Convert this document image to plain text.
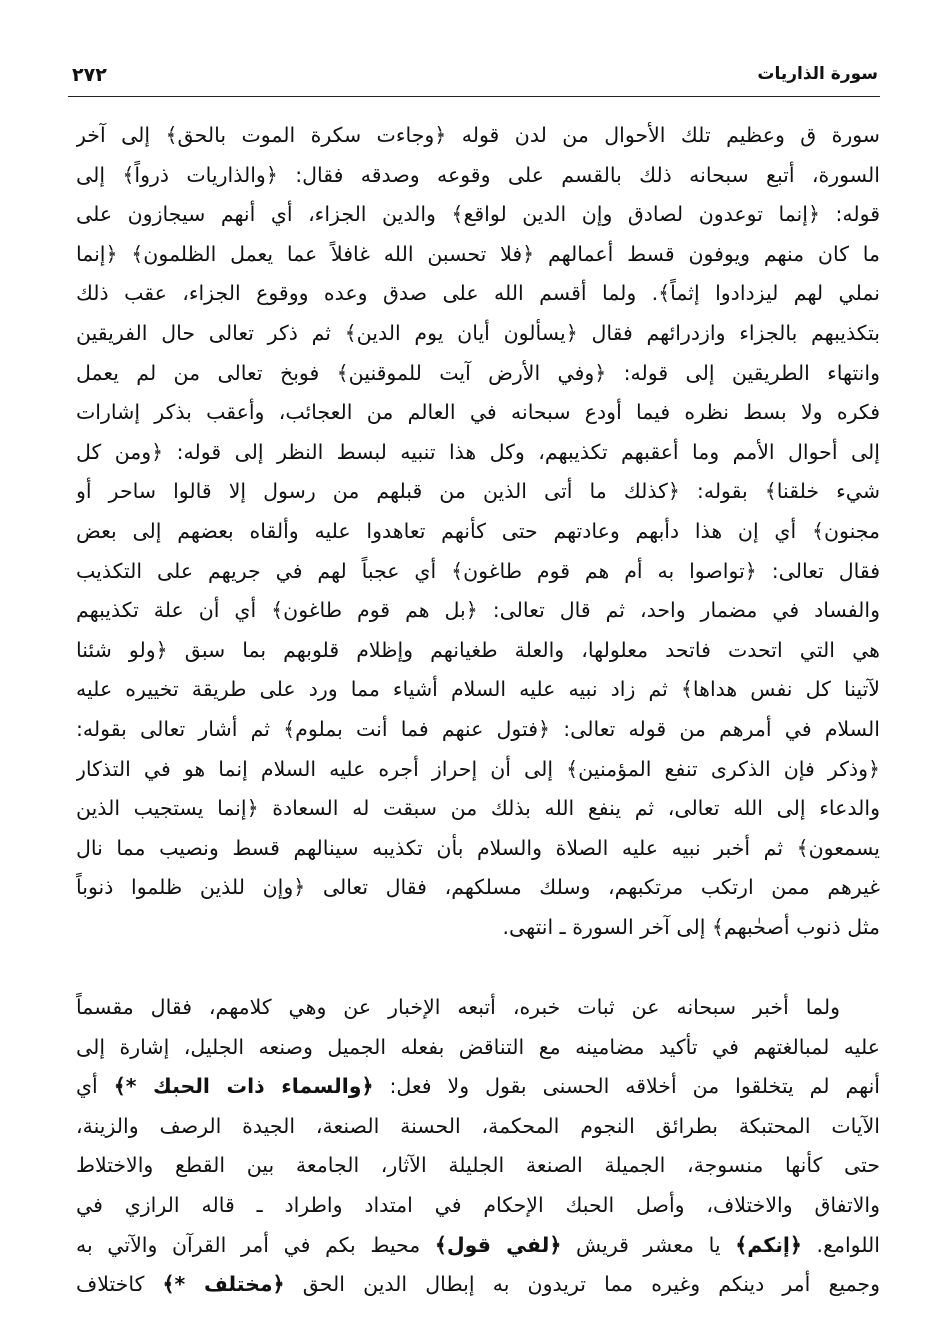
٢٧٢	سورة الذاريات
سورة ق وعظيم تلك الأحوال من لدن قوله ﴿وجاءت سكرة الموت بالحق﴾ إلى آخر
السورة، أتبع سبحانه ذلك بالقسم على وقوعه وصدقه فقال: ﴿والذاريات ذرواً﴾ إلى
قوله: ﴿إنما توعدون لصادق وإن الدين لواقع﴾ والدين الجزاء، أي أنهم سيجازون على
ما كان منهم ويوفون قسط أعمالهم ﴿فلا تحسبن الله غافلاً عما يعمل الظلمون﴾ ﴿إنما
نملي لهم ليزدادوا إثماً﴾. ولما أقسم الله على صدق وعده ووقوع الجزاء، عقب ذلك
بتكذيبهم بالجزاء وازدرائهم فقال ﴿يسألون أيان يوم الدين﴾ ثم ذكر تعالى حال الفريقين
وانتهاء الطريقين إلى قوله: ﴿وفي الأرض آيت للموقنين﴾ فوبخ تعالى من لم يعمل
فكره ولا بسط نظره فيما أودع سبحانه في العالم من العجائب، وأعقب بذكر إشارات
إلى أحوال الأمم وما أعقبهم تكذيبهم، وكل هذا تنبيه لبسط النظر إلى قوله: ﴿ومن كل
شيء خلقنا﴾ بقوله: ﴿كذلك ما أتى الذين من قبلهم من رسول إلا قالوا ساحر أو
مجنون﴾ أي إن هذا دأبهم وعادتهم حتى كأنهم تعاهدوا عليه وألقاه بعضهم إلى بعض
فقال تعالى: ﴿تواصوا به أم هم قوم طاغون﴾ أي عجباً لهم في جريهم على التكذيب
والفساد في مضمار واحد، ثم قال تعالى: ﴿بل هم قوم طاغون﴾ أي أن علة تكذيبهم
هي التي اتحدت فاتحد معلولها، والعلة طغيانهم وإظلام قلوبهم بما سبق ﴿ولو شئنا
لآتينا كل نفس هداها﴾ ثم زاد نبيه عليه السلام أشياء مما ورد على طريقة تخييره عليه
السلام في أمرهم من قوله تعالى: ﴿فتول عنهم فما أنت بملوم﴾ ثم أشار تعالى بقوله:
﴿وذكر فإن الذكرى تنفع المؤمنين﴾ إلى أن إحراز أجره عليه السلام إنما هو في التذكار
والدعاء إلى الله تعالى، ثم ينفع الله بذلك من سبقت له السعادة ﴿إنما يستجيب الذين
يسمعون﴾ ثم أخبر نبيه عليه الصلاة والسلام بأن تكذيبه سينالهم قسط ونصيب مما نال
غيرهم ممن ارتكب مرتكبهم، وسلك مسلكهم، فقال تعالى ﴿وإن للذين ظلموا ذنوباً
مثل ذنوب أصحٰبهم﴾ إلى آخر السورة ـ انتهى.
ولما أخبر سبحانه عن ثبات خبره، أتبعه الإخبار عن وهي كلامهم، فقال مقسماً
عليه لمبالغتهم في تأكيد مضامينه مع التناقض بفعله الجميل وصنعه الجليل، إشارة إلى
أنهم لم يتخلقوا من أخلاقه الحسنى بقول ولا فعل: ﴿والسماء ذات الحبك *﴾ أي
الآيات المحتبكة بطرائق النجوم المحكمة، الحسنة الصنعة، الجيدة الرصف والزينة،
حتى كأنها منسوجة، الجميلة الصنعة الجليلة الآثار، الجامعة بين القطع والاختلاط
والاتفاق والاختلاف، وأصل الحبك الإحكام في امتداد واطراد ـ قاله الرازي في
اللوامع. ﴿إنكم﴾ يا معشر قريش ﴿لفي قول﴾ محيط بكم في أمر القرآن والآتي به
وجميع أمر دينكم وغيره مما تريدون به إبطال الدين الحق ﴿مختلف *﴾ كاختلاف
